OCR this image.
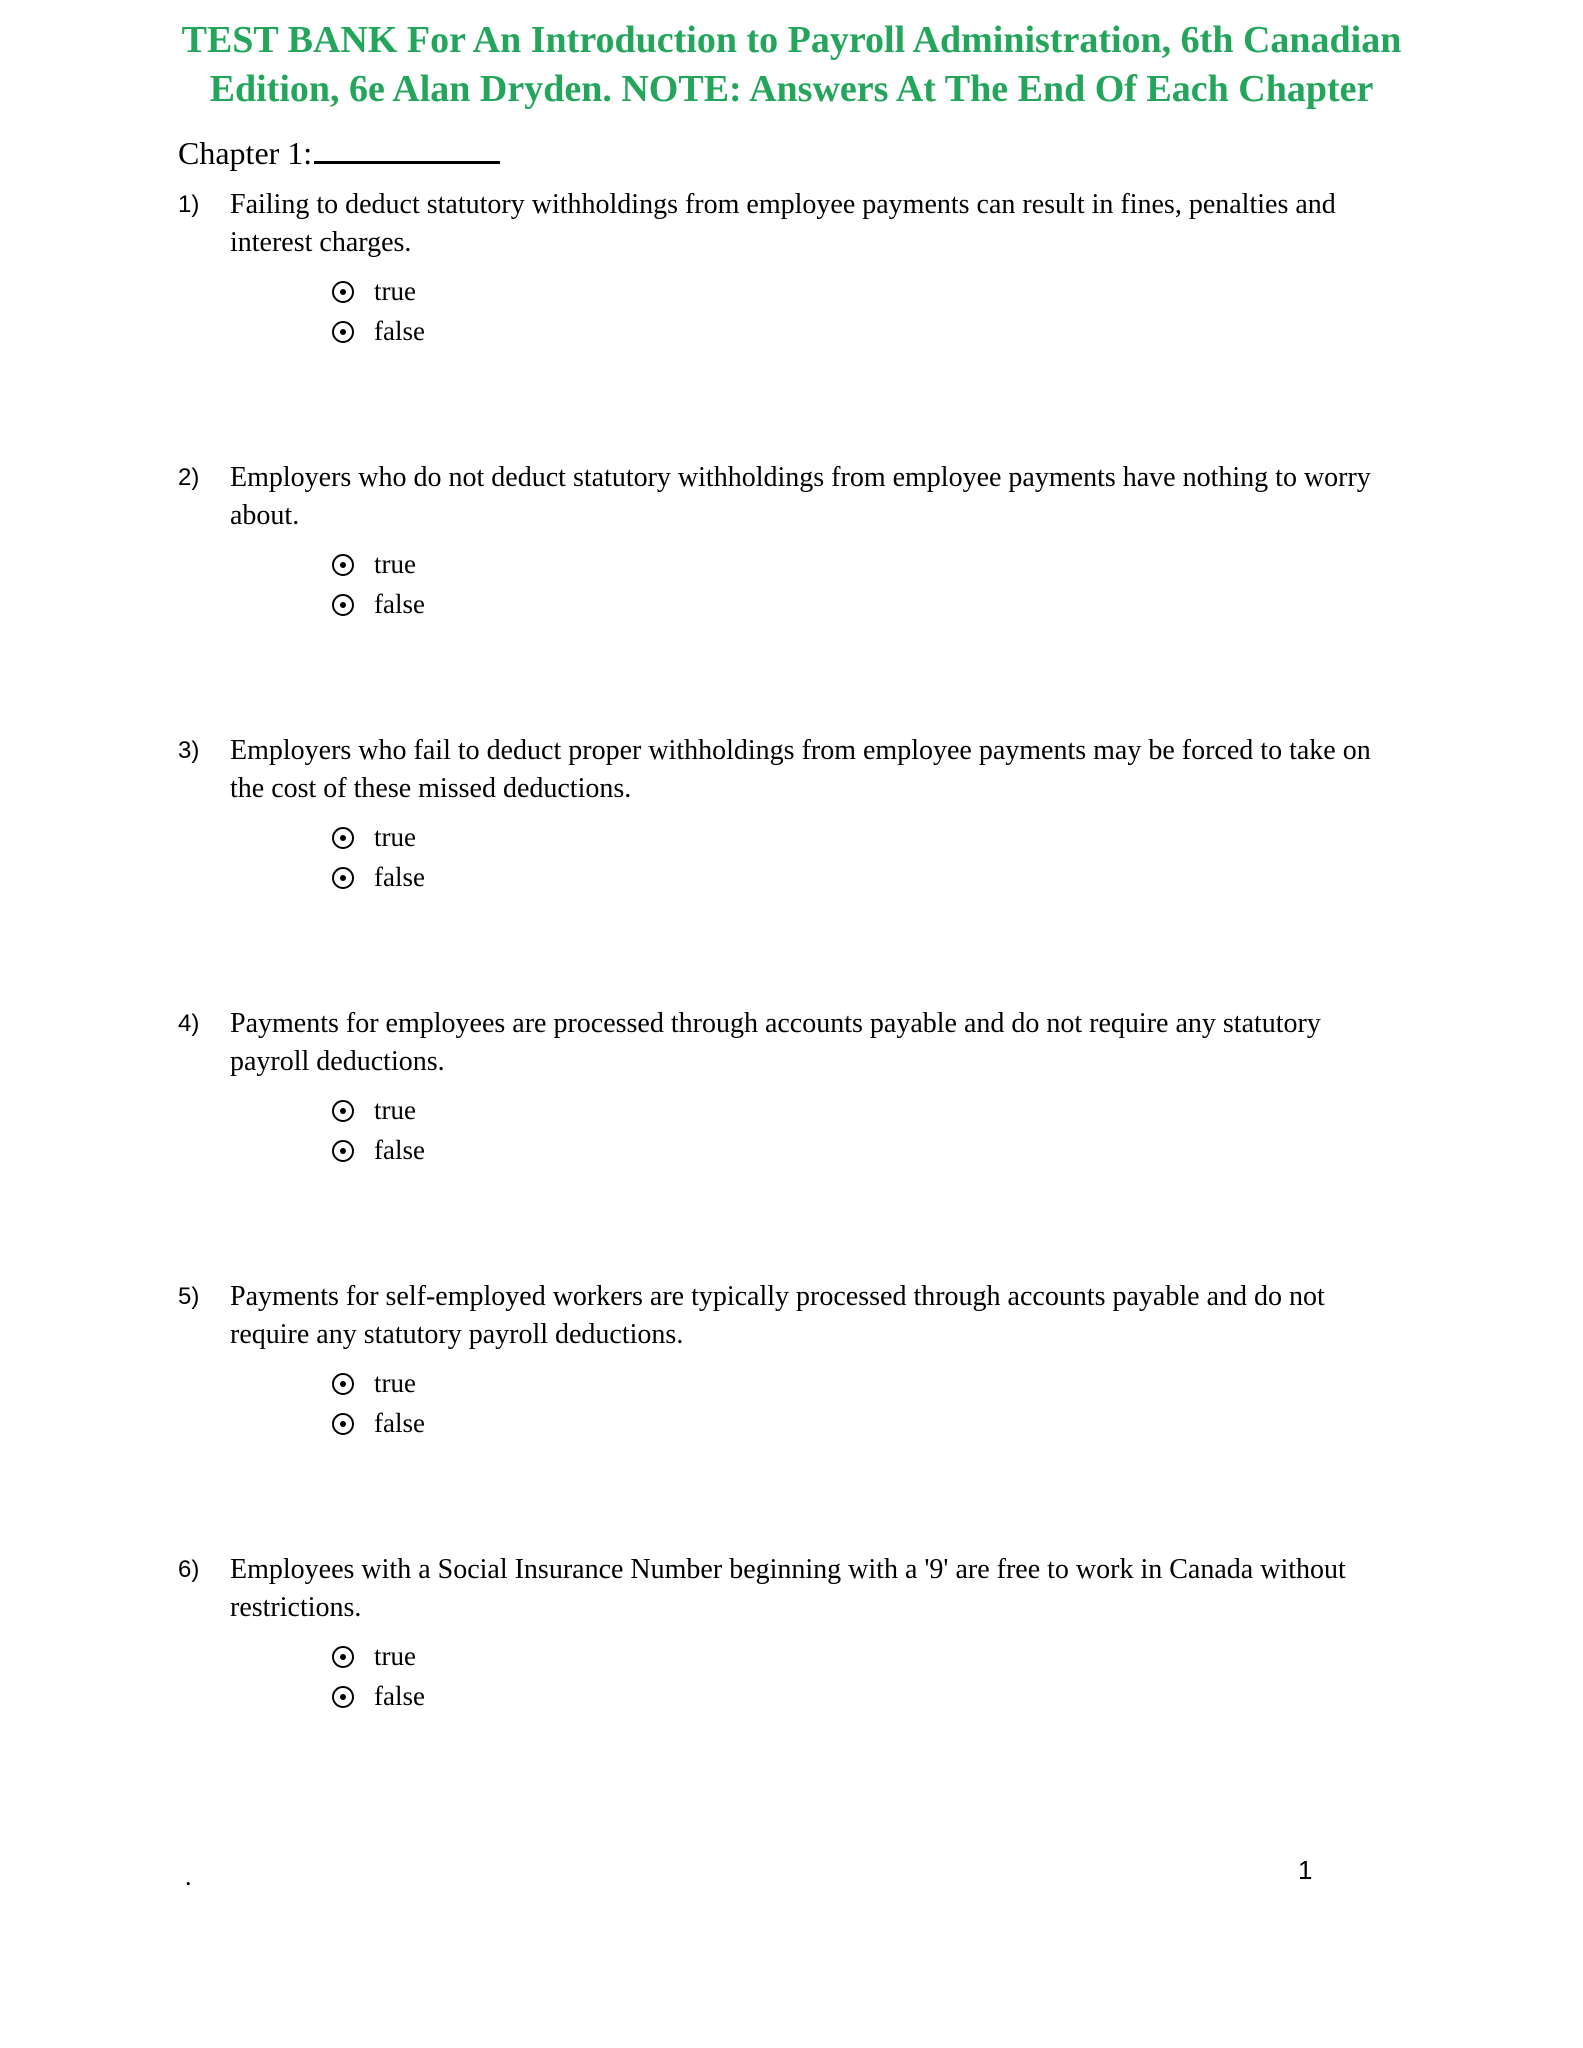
TEST BANK For An Introduction to Payroll Administration, 6th Canadian Edition, 6e Alan Dryden. NOTE: Answers At The End Of Each Chapter
Chapter 1:
1)	Failing to deduct statutory withholdings from employee payments can result in fines, penalties and interest charges.
true
false
2)	Employers who do not deduct statutory withholdings from employee payments have nothing to worry about.
true
false
3)	Employers who fail to deduct proper withholdings from employee payments may be forced to take on the cost of these missed deductions.
true
false
4)	Payments for employees are processed through accounts payable and do not require any statutory payroll deductions.
true
false
5)	Payments for self-employed workers are typically processed through accounts payable and do not require any statutory payroll deductions.
true
false
6)	Employees with a Social Insurance Number beginning with a '9' are free to work in Canada without restrictions.
true
false
.	1
